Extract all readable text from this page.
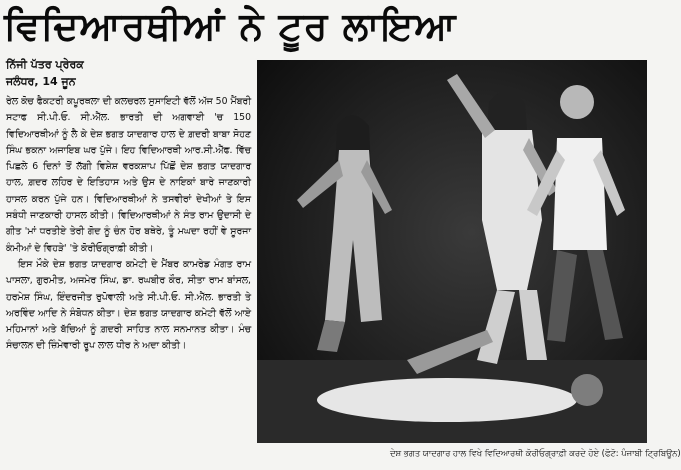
ਵਿਦਿਆਰਥੀਆਂ ਨੇ ਟੂਰ ਲਾਇਆ
ਨਿੱਜੀ ਪੱਤਰ ਪ੍ਰੇਰਕ
ਜਲੰਧਰ, 14 ਜੂਨ

ਰੇਲ ਕੋਚ ਫੈਕਟਰੀ ਕਪੂਰਥਲਾ ਦੀ ਕਲਚਰਲ ਸੁਸਾਇਟੀ ਵੱਲੋਂ ਅੱਜ 50 ਮੈਂਬਰੀ ਸਟਾਫ ਸੀ.ਪੀ.ਓ. ਸੀ.ਐੱਲ. ਭਾਰਤੀ ਦੀ ਅਗਵਾਈ 'ਚ 150 ਵਿਦਿਆਰਥੀਆਂ ਨੂੰ ਲੈ ਕੇ ਦੇਸ਼ ਭਗਤ ਯਾਦਗਾਰ ਹਾਲ ਦੇ ਗ਼ਦਰੀ ਬਾਬਾ ਸੋਹਣ ਸਿੰਘ ਭਕਨਾ ਅਜਾਇਬ ਘਰ ਪੁੱਜੇ। ਇਹ ਵਿਦਿਆਰਥੀ ਆਰ.ਸੀ.ਐੱਫ. ਵਿੱਚ ਪਿਛਲੇ 6 ਦਿਨਾਂ ਤੋਂ ਲੱਗੀ ਵਿਸ਼ੇਸ਼ ਵਰਕਸ਼ਾਪ ਪਿੱਛੋਂ ਦੇਸ਼ ਭਗਤ ਯਾਦਗਾਰ ਹਾਲ, ਗ਼ਦਰ ਲਹਿਰ ਦੇ ਇਤਿਹਾਸ ਅਤੇ ਉਸ ਦੇ ਨਾਇਕਾਂ ਬਾਰੇ ਜਾਣਕਾਰੀ ਹਾਸਲ ਕਰਨ ਪੁੱਜੇ ਹਨ। ਵਿਦਿਆਰਥੀਆਂ ਨੇ ਤਸਵੀਰਾਂ ਦੇਖੀਆਂ ਤੇ ਇਸ ਸਬੰਧੀ ਜਾਣਕਾਰੀ ਹਾਸਲ ਕੀਤੀ। ਵਿਦਿਆਰਥੀਆਂ ਨੇ ਸੰਤ ਰਾਮ ਉਦਾਸੀ ਦੇ ਗੀਤ 'ਮਾਂ ਧਰਤੀਏ ਤੇਰੀ ਗੋਦ ਨੂੰ ਚੰਨ ਹੋਰ ਬਥੇਰੇ, ਤੂੰ ਮਘਦਾ ਰਹੀਂ ਵੇ ਸੂਰਜਾ ਕੰਮੀਆਂ ਦੇ ਵਿਹੜੇ' 'ਤੇ ਕੋਰੀਓਗ੍ਰਾਫ਼ੀ ਕੀਤੀ।

ਇਸ ਮੌਕੇ ਦੇਸ਼ ਭਗਤ ਯਾਦਗਾਰ ਕਮੇਟੀ ਦੇ ਮੈਂਬਰ ਕਾਮਰੇਡ ਮੰਗਤ ਰਾਮ ਪਾਸਲਾ, ਗੁਰਮੀਤ, ਅਜਮੇਰ ਸਿੰਘ, ਡਾ. ਰਘਬੀਰ ਕੌਰ, ਸੀਤਾ ਰਾਮ ਬਾਂਸਲ, ਹਰਮੇਸ਼ ਸਿੰਘ, ਇੰਦਰਜੀਤ ਰੁਪੋਵਾਲੀ ਅਤੇ ਸੀ.ਪੀ.ਓ. ਸੀ.ਐੱਲ. ਭਾਰਤੀ ਤੇ ਅਰਵਿੰਦ ਆਦਿ ਨੇ ਸੰਬੋਧਨ ਕੀਤਾ। ਦੇਸ਼ ਭਗਤ ਯਾਦਗਾਰ ਕਮੇਟੀ ਵੱਲੋਂ ਆਏ ਮਹਿਮਾਨਾਂ ਅਤੇ ਬੱਚਿਆਂ ਨੂੰ ਗ਼ਦਰੀ ਸਾਹਿਤ ਨਾਲ ਸਨਮਾਨਤ ਕੀਤਾ। ਮੰਚ ਸੰਚਾਲਨ ਦੀ ਜ਼ਿੰਮੇਵਾਰੀ ਰੂਪ ਲਾਲ ਧੀਰ ਨੇ ਅਦਾ ਕੀਤੀ।

ਦੇਸ਼ ਭਗਤ ਯਾਦਗਾਰ ਹਾਲ ਵਿਖੇ ਵਿਦਿਆਰਥੀ ਕੋਰੀਓਗ੍ਰਾਫ਼ੀ ਕਰਦੇ ਹੋਏ (ਫੋਟੋ: ਪੰਜਾਬੀ ਟ੍ਰਿਬਿਊਨ)
